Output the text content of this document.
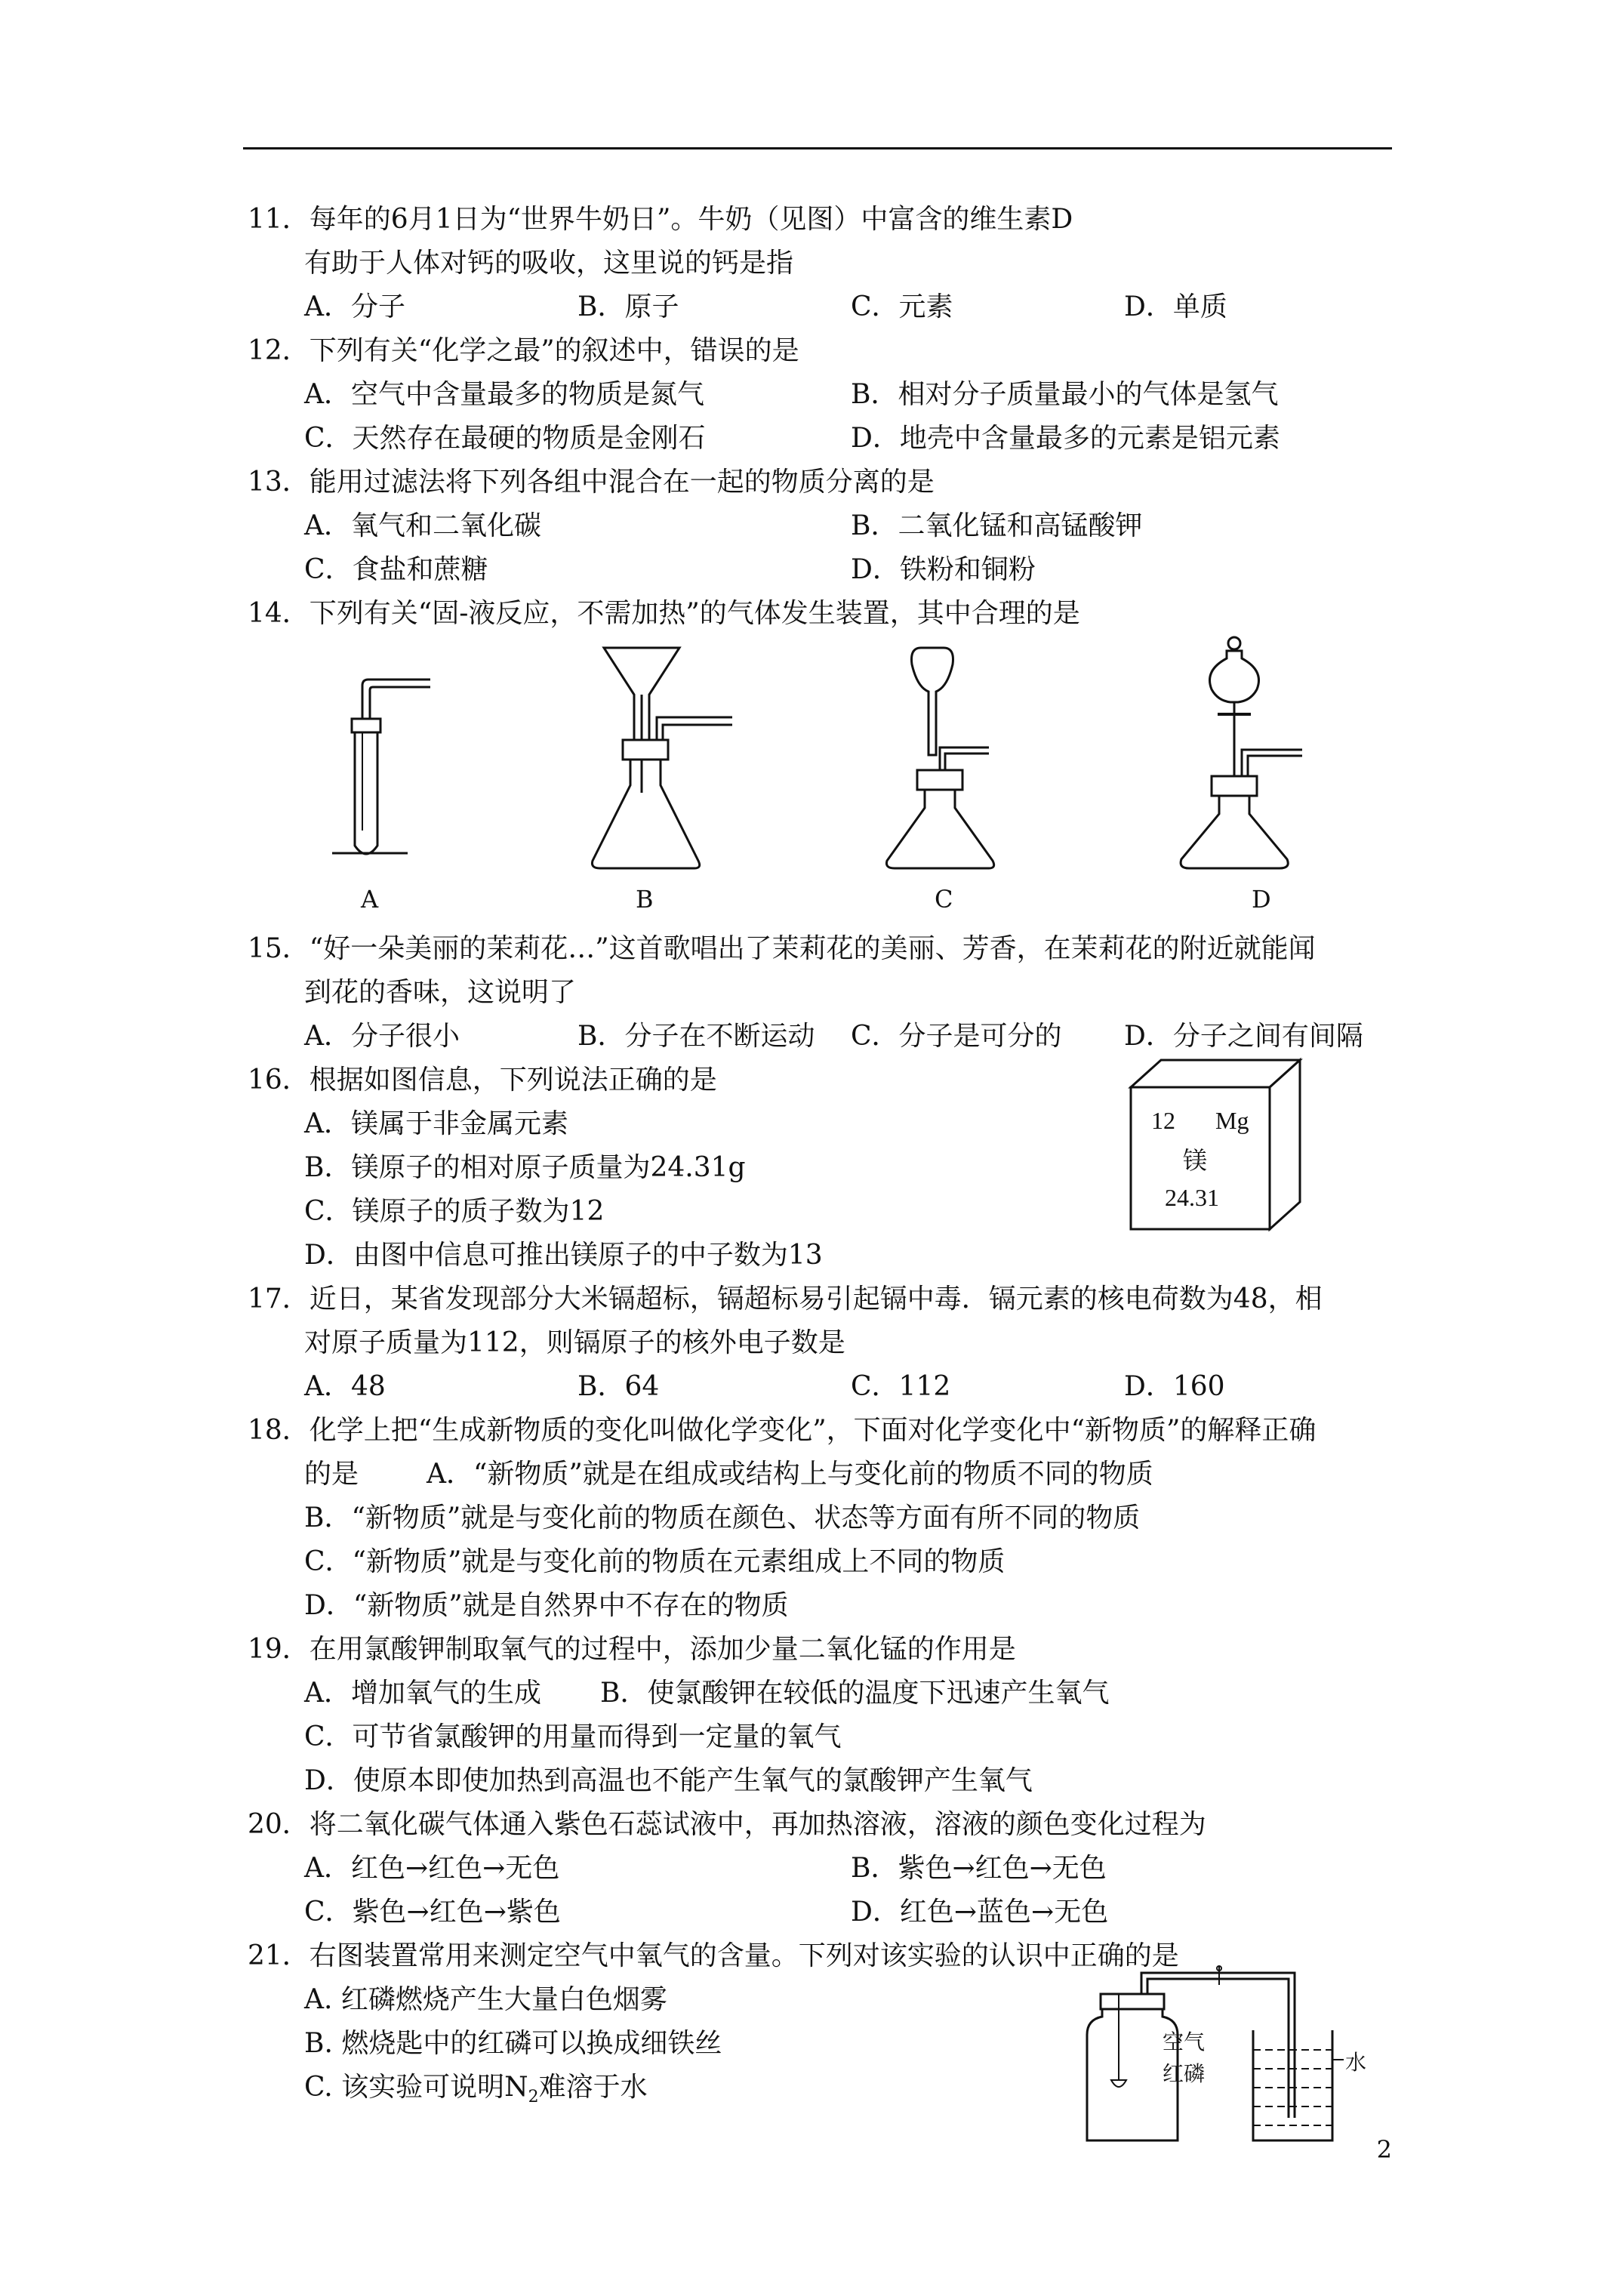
11．每年的6月1日为“世界牛奶日”。牛奶（见图）中富含的维生素D
有助于人体对钙的吸收，这里说的钙是指
A．分子	B．原子	C．元素	D．单质
12．下列有关“化学之最”的叙述中，错误的是
A．空气中含量最多的物质是氮气	B．相对分子质量最小的气体是氢气
C．天然存在最硬的物质是金刚石	D．地壳中含量最多的元素是铝元素
13．能用过滤法将下列各组中混合在一起的物质分离的是
A．氧气和二氧化碳	B．二氧化锰和高锰酸钾
C．食盐和蔗糖	D．铁粉和铜粉
14．下列有关“固-液反应，不需加热”的气体发生装置，其中合理的是
A	B	C	D
15．“好一朵美丽的茉莉花…”这首歌唱出了茉莉花的美丽、芳香，在茉莉花的附近就能闻
到花的香味，这说明了
A．分子很小	B．分子在不断运动 C．分子是可分的 D．分子之间有间隔
16．根据如图信息，下列说法正确的是
A．镁属于非金属元素
B．镁原子的相对原子质量为24.31g
C．镁原子的质子数为12
D．由图中信息可推出镁原子的中子数为13
12 Mg
镁
24.31
17．近日，某省发现部分大米镉超标，镉超标易引起镉中毒．镉元素的核电荷数为48，相
对原子质量为112，则镉原子的核外电子数是
A．48	B．64	C．112	D．160
18．化学上把“生成新物质的变化叫做化学变化”，下面对化学变化中“新物质”的解释正确
的是 A．“新物质”就是在组成或结构上与变化前的物质不同的物质
B．“新物质”就是与变化前的物质在颜色、状态等方面有所不同的物质
C．“新物质”就是与变化前的物质在元素组成上不同的物质
D．“新物质”就是自然界中不存在的物质
19．在用氯酸钾制取氧气的过程中，添加少量二氧化锰的作用是
A．增加氧气的生成 B．使氯酸钾在较低的温度下迅速产生氧气
C．可节省氯酸钾的用量而得到一定量的氧气
D．使原本即使加热到高温也不能产生氧气的氯酸钾产生氧气
20．将二氧化碳气体通入紫色石蕊试液中，再加热溶液，溶液的颜色变化过程为
A．红色→红色→无色	B．紫色→红色→无色
C．紫色→红色→紫色	D．红色→蓝色→无色
21．右图装置常用来测定空气中氧气的含量。下列对该实验的认识中正确的是
A. 红磷燃烧产生大量白色烟雾
B. 燃烧匙中的红磷可以换成细铁丝
C. 该实验可说明$N_2$难溶于水
空气
红磷	水
2
